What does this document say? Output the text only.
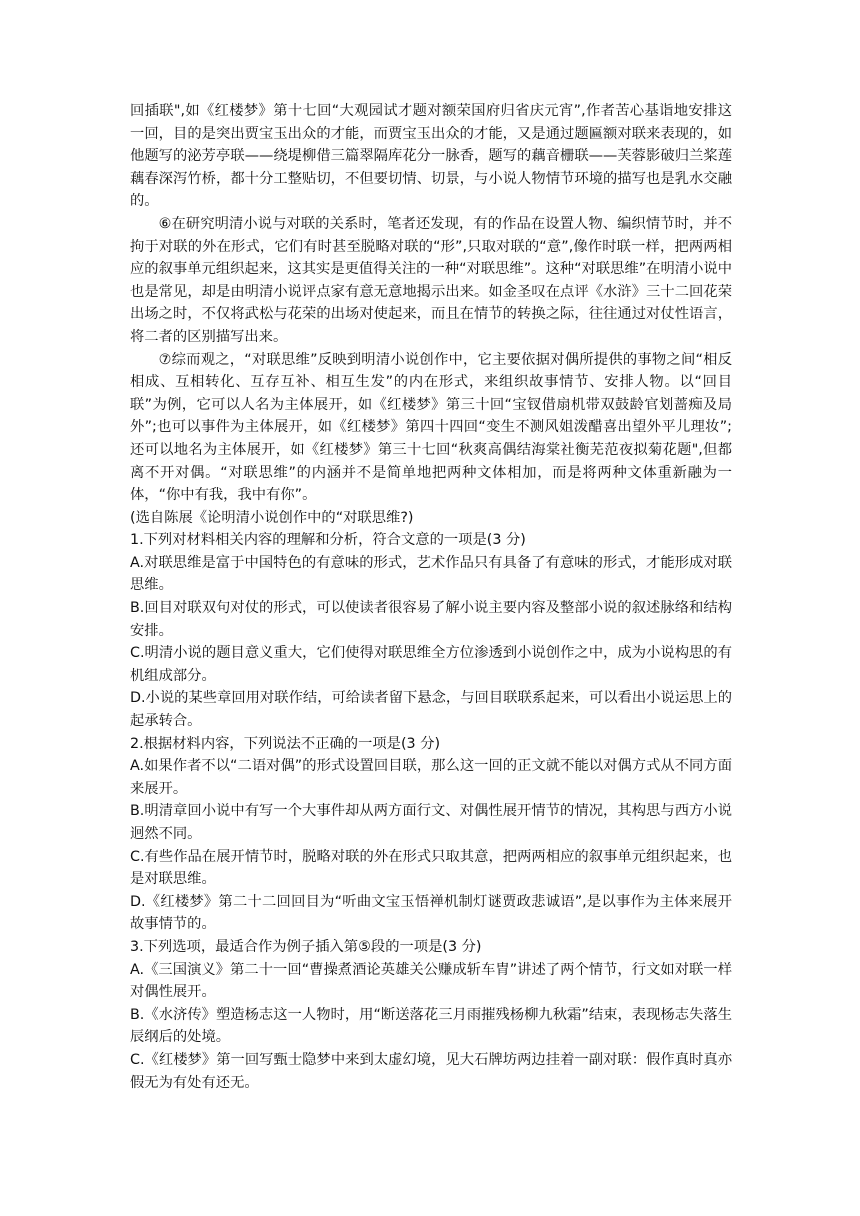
回插联",如《红楼梦》第十七回“大观园试才题对额荣国府归省庆元宵”,作者苦心基诣地安排这一回，目的是突出贾宝玉出众的才能，而贾宝玉出众的才能，又是通过题匾额对联来表现的，如他题写的泌芳亭联——绕堤柳借三篇翠隔库花分一脉香，题写的藕音栅联——芙蓉影破归兰桨莲藕春深泻竹桥，都十分工整贴切，不但要切情、切景，与小说人物情节环境的描写也是乳水交融的。

⑥在研究明清小说与对联的关系时，笔者还发现，有的作品在设置人物、编织情节时，并不拘于对联的外在形式，它们有时甚至脱略对联的“形”,只取对联的“意”,像作时联一样，把两两相应的叙事单元组织起来，这其实是更值得关注的一种“对联思维”。这种“对联思维”在明清小说中也是常见，却是由明清小说评点家有意无意地揭示出来。如金圣叹在点评《水浒》三十二回花荣出场之时，不仅将武松与花荣的出场对使起来，而且在情节的转换之际，往往通过对仗性语言，将二者的区别描写出来。

⑦综而观之，“对联思维”反映到明清小说创作中，它主要依据对偶所提供的事物之间“相反相成、互相转化、互存互补、相互生发”的内在形式，来组织故事情节、安排人物。以“回目联”为例，它可以人名为主体展开，如《红楼梦》第三十回“宝钗借扇机带双鼓龄官划蔷痴及局外”;也可以事件为主体展开，如《红楼梦》第四十四回“变生不测风姐泼醋喜出望外平儿理妆”;还可以地名为主体展开，如《红楼梦》第三十七回“秋爽高偶结海棠社衡芜范夜拟菊花题",但都离不开对偶。“对联思维”的内涵并不是简单地把两种文体相加，而是将两种文体重新融为一体，“你中有我，我中有你”。

(选自陈展《论明清小说创作中的“对联思维?)

1.下列对材料相关内容的理解和分析，符合文意的一项是(3 分)

A.对联思维是富于中国特色的有意味的形式，艺术作品只有具备了有意味的形式，才能形成对联思维。

B.回目对联双句对仗的形式，可以使读者很容易了解小说主要内容及整部小说的叙述脉络和结构安排。

C.明清小说的题目意义重大，它们使得对联思维全方位渗透到小说创作之中，成为小说构思的有机组成部分。

D.小说的某些章回用对联作结，可给读者留下悬念，与回目联联系起来，可以看出小说运思上的起承转合。

2.根据材料内容，下列说法不正确的一项是(3 分)

A.如果作者不以“二语对偶”的形式设置回目联，那么这一回的正文就不能以对偶方式从不同方面来展开。

B.明清章回小说中有写一个大事件却从两方面行文、对偶性展开情节的情况，其构思与西方小说迥然不同。

C.有些作品在展开情节时，脱略对联的外在形式只取其意，把两两相应的叙事单元组织起来，也是对联思维。

D.《红楼梦》第二十二回回目为“听曲文宝玉悟禅机制灯谜贾政悲诚语”,是以事作为主体来展开故事情节的。

3.下列选项，最适合作为例子插入第⑤段的一项是(3 分)

A.《三国演义》第二十一回“曹操煮酒论英雄关公赚成斩车胄”讲述了两个情节，行文如对联一样对偶性展开。

B.《水济传》塑造杨志这一人物时，用“断送落花三月雨摧残杨柳九秋霜”结束，表现杨志失落生辰纲后的处境。

C.《红楼梦》第一回写甄士隐梦中来到太虚幻境，见大石牌坊两边挂着一副对联：假作真时真亦假无为有处有还无。
